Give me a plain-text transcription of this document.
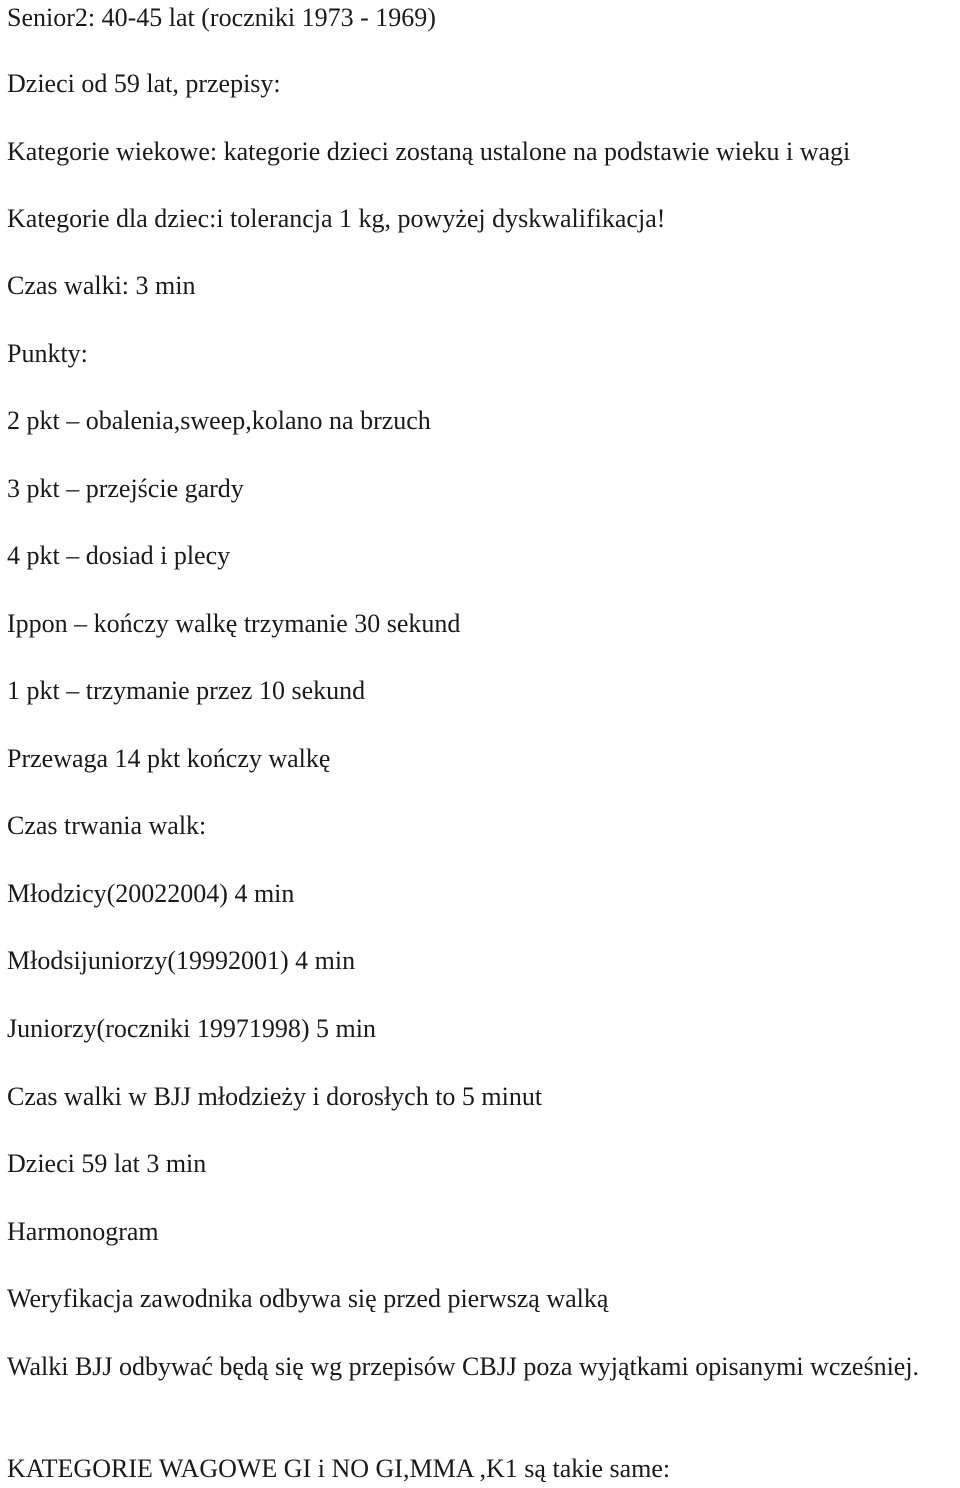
Senior2: 40-45 lat (roczniki 1973 - 1969)

Dzieci od 59 lat, przepisy:

Kategorie wiekowe: kategorie dzieci zostaną ustalone na podstawie wieku i wagi

Kategorie dla dziec:i tolerancja 1 kg, powyżej dyskwalifikacja!

Czas walki: 3 min

Punkty:

2 pkt – obalenia,sweep,kolano na brzuch

3 pkt – przejście gardy

4 pkt – dosiad i plecy

Ippon – kończy walkę trzymanie 30 sekund

1 pkt – trzymanie przez 10 sekund

Przewaga 14 pkt kończy walkę

Czas trwania walk:

Młodzicy(20022004) 4 min

Młodsijuniorzy(19992001) 4 min

Juniorzy(roczniki 19971998) 5 min

Czas walki w BJJ młodzieży i dorosłych to 5 minut

Dzieci 59 lat 3 min

Harmonogram

Weryfikacja zawodnika odbywa się przed pierwszą walką

Walki BJJ odbywać będą się wg przepisów CBJJ poza wyjątkami opisanymi wcześniej.

KATEGORIE WAGOWE GI i NO GI,MMA ,K1 są takie same:
